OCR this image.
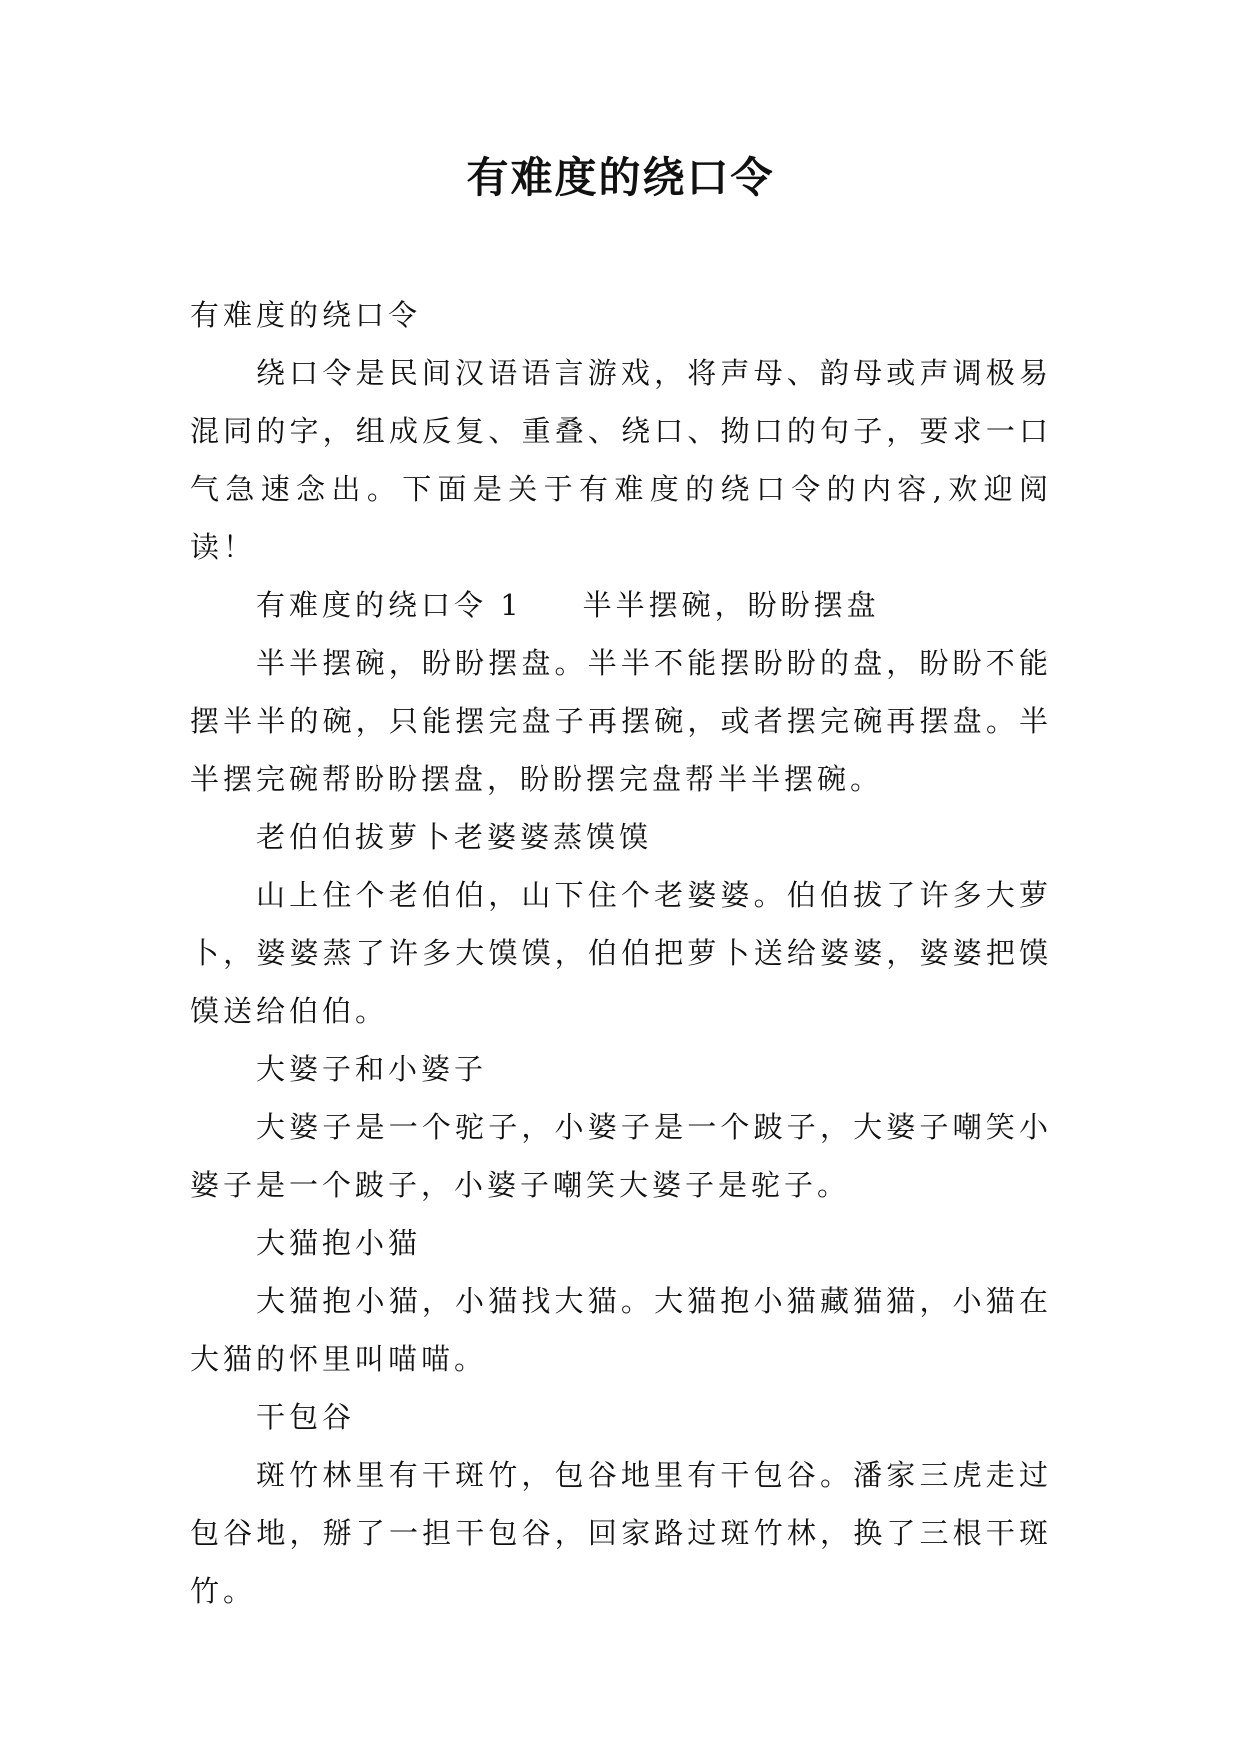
有难度的绕口令

有难度的绕口令

绕口令是民间汉语语言游戏，将声母、韵母或声调极易混同的字，组成反复、重叠、绕口、拗口的句子，要求一口气急速念出。下面是关于有难度的绕口令的内容,欢迎阅读！

有难度的绕口令 1 半半摆碗，盼盼摆盘

半半摆碗，盼盼摆盘。半半不能摆盼盼的盘，盼盼不能摆半半的碗，只能摆完盘子再摆碗，或者摆完碗再摆盘。半半摆完碗帮盼盼摆盘，盼盼摆完盘帮半半摆碗。

老伯伯拔萝卜老婆婆蒸馍馍

山上住个老伯伯，山下住个老婆婆。伯伯拔了许多大萝卜，婆婆蒸了许多大馍馍，伯伯把萝卜送给婆婆，婆婆把馍馍送给伯伯。

大婆子和小婆子

大婆子是一个驼子，小婆子是一个跛子，大婆子嘲笑小婆子是一个跛子，小婆子嘲笑大婆子是驼子。

大猫抱小猫

大猫抱小猫，小猫找大猫。大猫抱小猫藏猫猫，小猫在大猫的怀里叫喵喵。

干包谷

斑竹林里有干斑竹，包谷地里有干包谷。潘家三虎走过包谷地，掰了一担干包谷，回家路过斑竹林，换了三根干斑竹。
